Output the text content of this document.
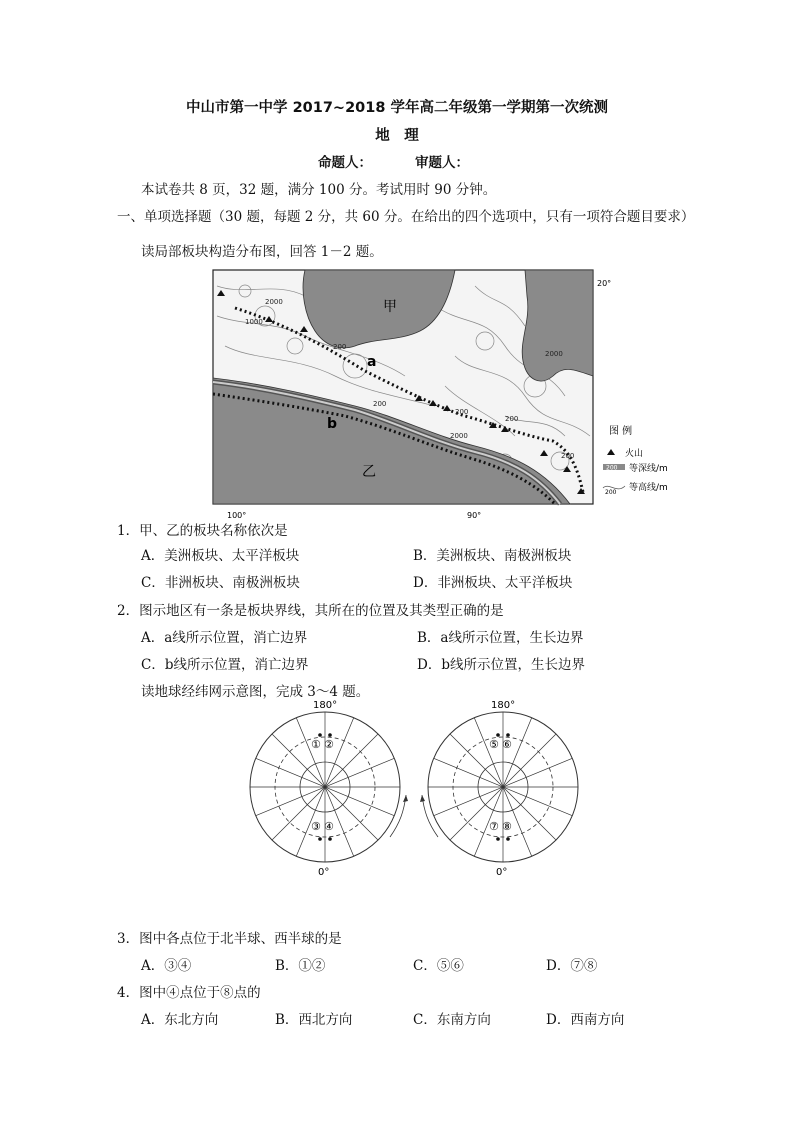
中山市第一中学 2017~2018 学年高二年级第一学期第一次统测
地　理
命题人：	审题人：
本试卷共 8 页，32 题，满分 100 分。考试用时 90 分钟。
一、单项选择题（30 题，每题 2 分，共 60 分。在给出的四个选项中，只有一项符合题目要求）
读局部板块构造分布图，回答 1－2 题。
甲
乙
a
b
1000
2000
200
200
200
200
2000
2000
200
20°
100°	90°
图 例
火山
200 等深线/m
200 等高线/m
1．甲、乙的板块名称依次是
A．美洲板块、太平洋板块	B．美洲板块、南极洲板块
C．非洲板块、南极洲板块	D．非洲板块、太平洋板块
2．图示地区有一条是板块界线，其所在的位置及其类型正确的是
A．a线所示位置，消亡边界	B．a线所示位置，生长边界
C．b线所示位置，消亡边界	D．b线所示位置，生长边界
读地球经纬网示意图，完成 3～4 题。
① ②
③ ④
180°
0°
⑤ ⑥
⑦ ⑧
180°
0°
3．图中各点位于北半球、西半球的是
A．③④	B．①②	C．⑤⑥	D．⑦⑧
4．图中④点位于⑧点的
A．东北方向	B．西北方向	C．东南方向	D．西南方向
